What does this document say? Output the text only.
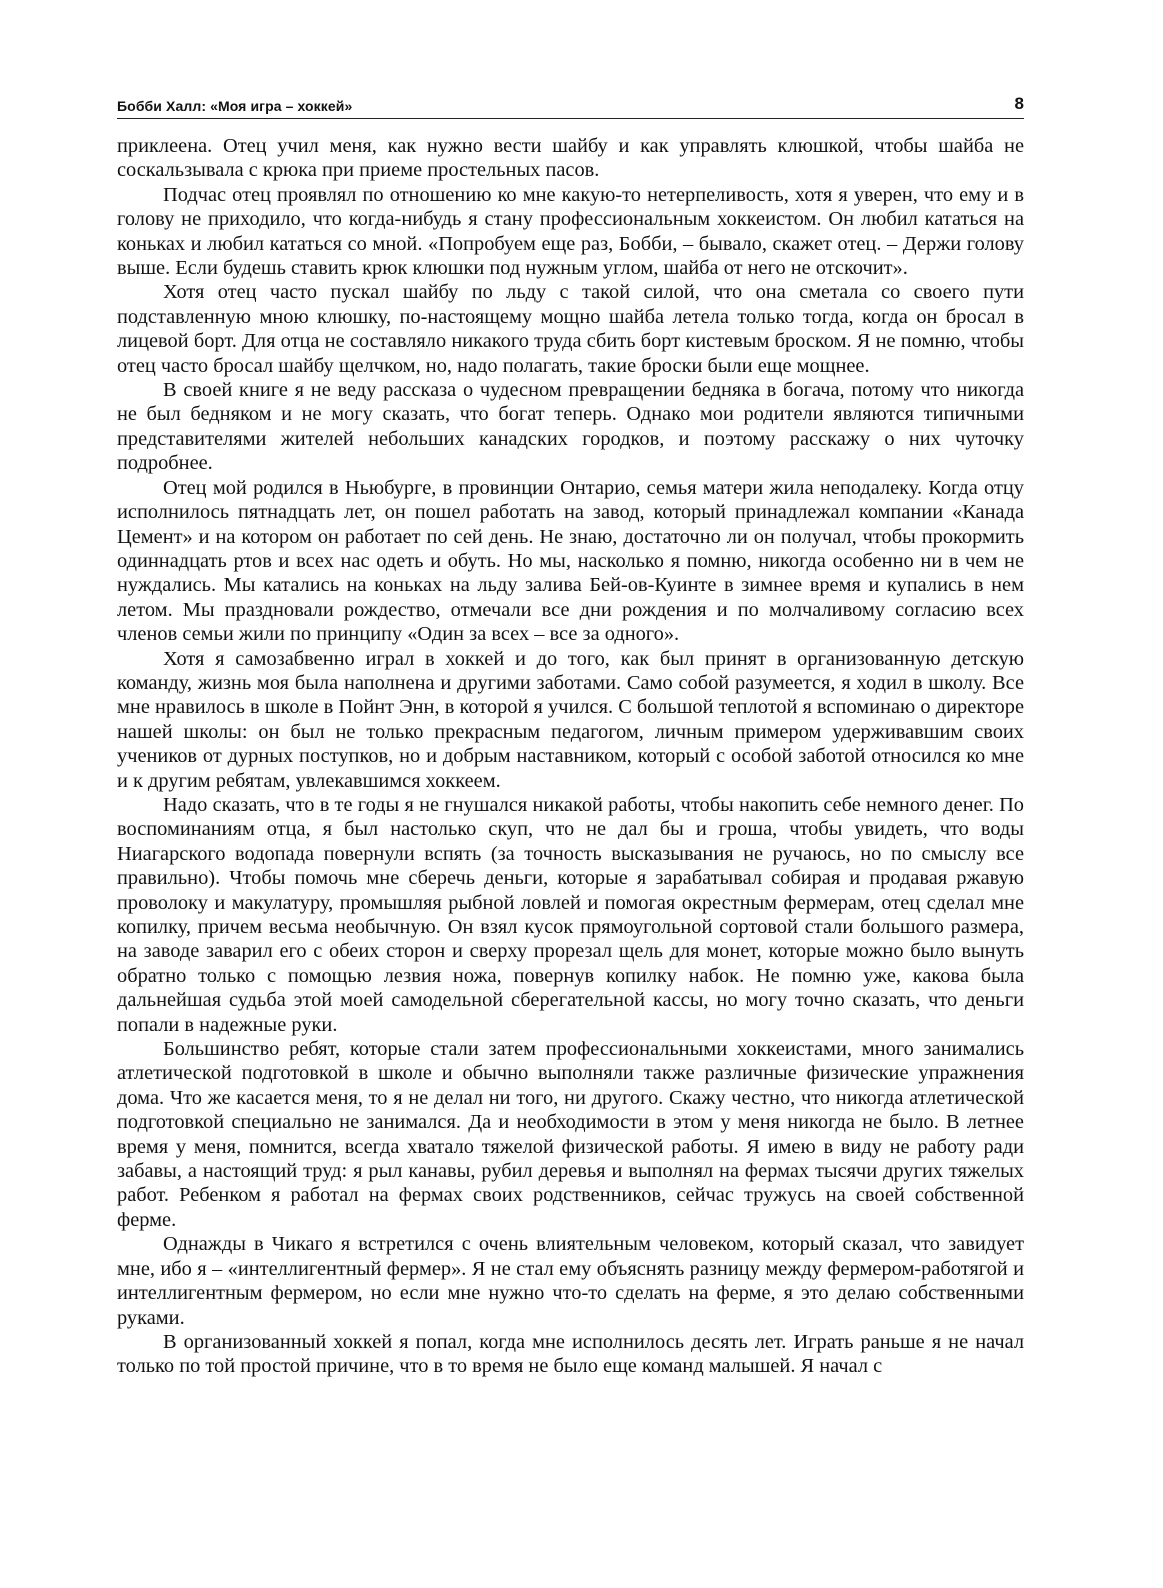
Бобби Халл: «Моя игра – хоккей»	8

приклеена. Отец учил меня, как нужно вести шайбу и как управлять клюшкой, чтобы шайба не соскальзывала с крюка при приеме простельных пасов.

Подчас отец проявлял по отношению ко мне какую-то нетерпеливость, хотя я уверен, что ему и в голову не приходило, что когда-нибудь я стану профессиональным хоккеистом. Он любил кататься на коньках и любил кататься со мной. «Попробуем еще раз, Бобби, – бывало, скажет отец. – Держи голову выше. Если будешь ставить крюк клюшки под нужным углом, шайба от него не отскочит».

Хотя отец часто пускал шайбу по льду с такой силой, что она сметала со своего пути подставленную мною клюшку, по-настоящему мощно шайба летела только тогда, когда он бросал в лицевой борт. Для отца не составляло никакого труда сбить борт кистевым броском. Я не помню, чтобы отец часто бросал шайбу щелчком, но, надо полагать, такие броски были еще мощнее.

В своей книге я не веду рассказа о чудесном превращении бедняка в богача, потому что никогда не был бедняком и не могу сказать, что богат теперь. Однако мои родители являются типичными представителями жителей небольших канадских городков, и поэтому расскажу о них чуточку подробнее.

Отец мой родился в Ньюбурге, в провинции Онтарио, семья матери жила неподалеку. Когда отцу исполнилось пятнадцать лет, он пошел работать на завод, который принадлежал компании «Канада Цемент» и на котором он работает по сей день. Не знаю, достаточно ли он получал, чтобы прокормить одиннадцать ртов и всех нас одеть и обуть. Но мы, насколько я помню, никогда особенно ни в чем не нуждались. Мы катались на коньках на льду залива Бей-ов-Куинте в зимнее время и купались в нем летом. Мы праздновали рождество, отмечали все дни рождения и по молчаливому согласию всех членов семьи жили по принципу «Один за всех – все за одного».

Хотя я самозабвенно играл в хоккей и до того, как был принят в организованную детскую команду, жизнь моя была наполнена и другими заботами. Само собой разумеется, я ходил в школу. Все мне нравилось в школе в Пойнт Энн, в которой я учился. С большой теплотой я вспоминаю о директоре нашей школы: он был не только прекрасным педагогом, личным примером удерживавшим своих учеников от дурных поступков, но и добрым наставником, который с особой заботой относился ко мне и к другим ребятам, увлекавшимся хоккеем.

Надо сказать, что в те годы я не гнушался никакой работы, чтобы накопить себе немного денег. По воспоминаниям отца, я был настолько скуп, что не дал бы и гроша, чтобы увидеть, что воды Ниагарского водопада повернули вспять (за точность высказывания не ручаюсь, но по смыслу все правильно). Чтобы помочь мне сберечь деньги, которые я зарабатывал собирая и продавая ржавую проволоку и макулатуру, промышляя рыбной ловлей и помогая окрестным фермерам, отец сделал мне копилку, причем весьма необычную. Он взял кусок прямоугольной сортовой стали большого размера, на заводе заварил его с обеих сторон и сверху прорезал щель для монет, которые можно было вынуть обратно только с помощью лезвия ножа, повернув копилку набок. Не помню уже, какова была дальнейшая судьба этой моей самодельной сберегательной кассы, но могу точно сказать, что деньги попали в надежные руки.

Большинство ребят, которые стали затем профессиональными хоккеистами, много занимались атлетической подготовкой в школе и обычно выполняли также различные физические упражнения дома. Что же касается меня, то я не делал ни того, ни другого. Скажу честно, что никогда атлетической подготовкой специально не занимался. Да и необходимости в этом у меня никогда не было. В летнее время у меня, помнится, всегда хватало тяжелой физической работы. Я имею в виду не работу ради забавы, а настоящий труд: я рыл канавы, рубил деревья и выполнял на фермах тысячи других тяжелых работ. Ребенком я работал на фермах своих родственников, сейчас тружусь на своей собственной ферме.

Однажды в Чикаго я встретился с очень влиятельным человеком, который сказал, что завидует мне, ибо я – «интеллигентный фермер». Я не стал ему объяснять разницу между фермером-работягой и интеллигентным фермером, но если мне нужно что-то сделать на ферме, я это делаю собственными руками.

В организованный хоккей я попал, когда мне исполнилось десять лет. Играть раньше я не начал только по той простой причине, что в то время не было еще команд малышей. Я начал с
